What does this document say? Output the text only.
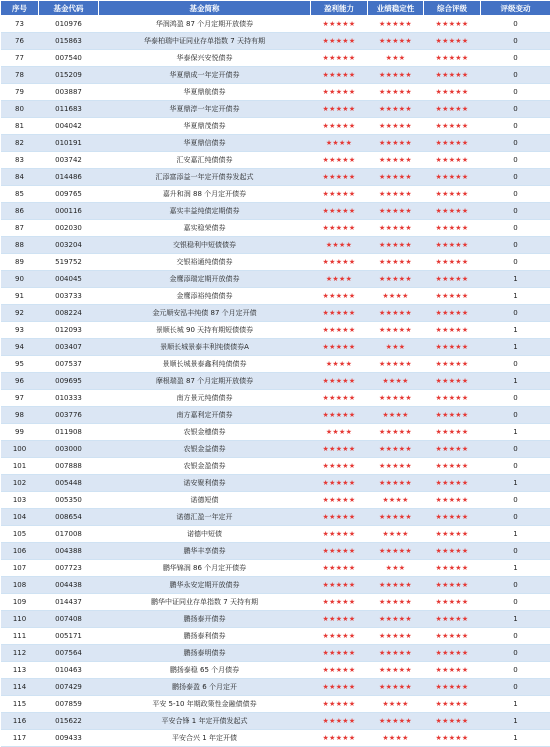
序号	基金代码	基金简称	盈利能力	业绩稳定性	综合评级	评级变动
73	010976	华润鸿盈 87 个月定期开放债券	★★★★★	★★★★★	★★★★★	0
76	015863	华泰柏瑞中证同业存单指数 7 天持有期	★★★★★	★★★★★	★★★★★	0
77	007540	华泰保兴安悦债券	★★★★★	★★★	★★★★★	0
78	015209	华夏鼎成一年定开债券	★★★★★	★★★★★	★★★★★	0
79	003887	华夏鼎航债券	★★★★★	★★★★★	★★★★★	0
80	011683	华夏鼎淳一年定开债券	★★★★★	★★★★★	★★★★★	0
81	004042	华夏鼎茂债券	★★★★★	★★★★★	★★★★★	0
82	010191	华夏鼎信债券	★★★★	★★★★★	★★★★★	0
83	003742	汇安嘉汇纯债债券	★★★★★	★★★★★	★★★★★	0
84	014486	汇添富添益一年定开债券发起式	★★★★★	★★★★★	★★★★★	0
85	009765	嘉升和润 88 个月定开债券	★★★★★	★★★★★	★★★★★	0
86	000116	嘉实丰益纯债定期债券	★★★★★	★★★★★	★★★★★	0
87	002030	嘉实稳荣债券	★★★★★	★★★★★	★★★★★	0
88	003204	交银稳利中短债债券	★★★★	★★★★★	★★★★★	0
89	519752	交银裕通纯债债券	★★★★★	★★★★★	★★★★★	0
90	004045	金鹰添瑞定期开放债券	★★★★	★★★★★	★★★★★	1
91	003733	金鹰添裕纯债债券	★★★★★	★★★★	★★★★★	1
92	008224	金元顺安泓丰纯债 87 个月定开债	★★★★★	★★★★★	★★★★★	0
93	012093	景顺长城 90 天持有期短债债券	★★★★★	★★★★★	★★★★★	1
94	003407	景顺长城景泰丰利纯债债券A	★★★★★	★★★	★★★★★	1
95	007537	景顺长城景泰鑫利纯债债券	★★★★	★★★★★	★★★★★	0
96	009695	摩根瑞盈 87 个月定期开放债券	★★★★★	★★★★	★★★★★	1
97	010333	南方景元纯债债券	★★★★★	★★★★★	★★★★★	0
98	003776	南方嘉利定开债券	★★★★★	★★★★	★★★★★	0
99	011908	农银金穗债券	★★★★	★★★★★	★★★★★	1
100	003000	农银金益债券	★★★★★	★★★★★	★★★★★	0
101	007888	农银金盈债券	★★★★★	★★★★★	★★★★★	0
102	005448	诺安聚利债券	★★★★★	★★★★★	★★★★★	1
103	005350	诺德短债	★★★★★	★★★★	★★★★★	0
104	008654	诺德汇盈一年定开	★★★★★	★★★★★	★★★★★	0
105	017008	诺德中短债	★★★★★	★★★★	★★★★★	1
106	004388	鹏华丰享债券	★★★★★	★★★★★	★★★★★	0
107	007723	鹏华锦润 86 个月定开债券	★★★★★	★★★	★★★★★	1
108	004438	鹏华永安定期开放债券	★★★★★	★★★★★	★★★★★	0
109	014437	鹏华中证同业存单指数 7 天持有期	★★★★★	★★★★★	★★★★★	0
110	007408	鹏扬泰开债券	★★★★★	★★★★★	★★★★★	1
111	005171	鹏扬泰利债券	★★★★★	★★★★★	★★★★★	0
112	007564	鹏扬泰明债券	★★★★★	★★★★★	★★★★★	0
113	010463	鹏扬泰稳 65 个月债券	★★★★★	★★★★★	★★★★★	0
114	007429	鹏扬泰盈 6 个月定开	★★★★★	★★★★★	★★★★★	0
115	007859	平安 5-10 年期政策性金融债债券	★★★★★	★★★★	★★★★★	1
116	015622	平安合锋 1 年定开债发起式	★★★★★	★★★★★	★★★★★	1
117	009433	平安合兴 1 年定开债	★★★★★	★★★★	★★★★★	1
